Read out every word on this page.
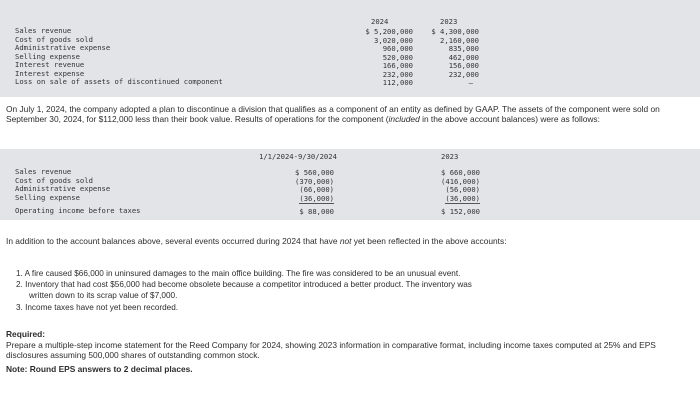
2024	2023
Sales revenue
Cost of goods sold
Administrative expense
Selling expense
Interest revenue
Interest expense
Loss on sale of assets of discontinued component
$ 5,200,000
3,020,000
960,000
520,000
166,000
232,000
112,000
$ 4,300,000
2,160,000
835,000
462,000
156,000
232,000
–
On July 1, 2024, the company adopted a plan to discontinue a division that qualifies as a component of an entity as defined by GAAP. The assets of the component were sold on September 30, 2024, for $112,000 less than their book value. Results of operations for the component (included in the above account balances) were as follows:
1/1/2024-9/30/2024	2023
Sales revenue
Cost of goods sold
Administrative expense
Selling expense
Operating income before taxes
$ 560,000
(370,000)
(66,000)
(36,000)
$ 88,000
$ 660,000
(416,000)
(56,000)
(36,000)
$ 152,000
In addition to the account balances above, several events occurred during 2024 that have not yet been reflected in the above accounts:
1. A fire caused $66,000 in uninsured damages to the main office building. The fire was considered to be an unusual event.
2. Inventory that had cost $56,000 had become obsolete because a competitor introduced a better product. The inventory was
written down to its scrap value of $7,000.
3. Income taxes have not yet been recorded.
Required:
Prepare a multiple-step income statement for the Reed Company for 2024, showing 2023 information in comparative format, including income taxes computed at 25% and EPS disclosures assuming 500,000 shares of outstanding common stock.
Note: Round EPS answers to 2 decimal places.
